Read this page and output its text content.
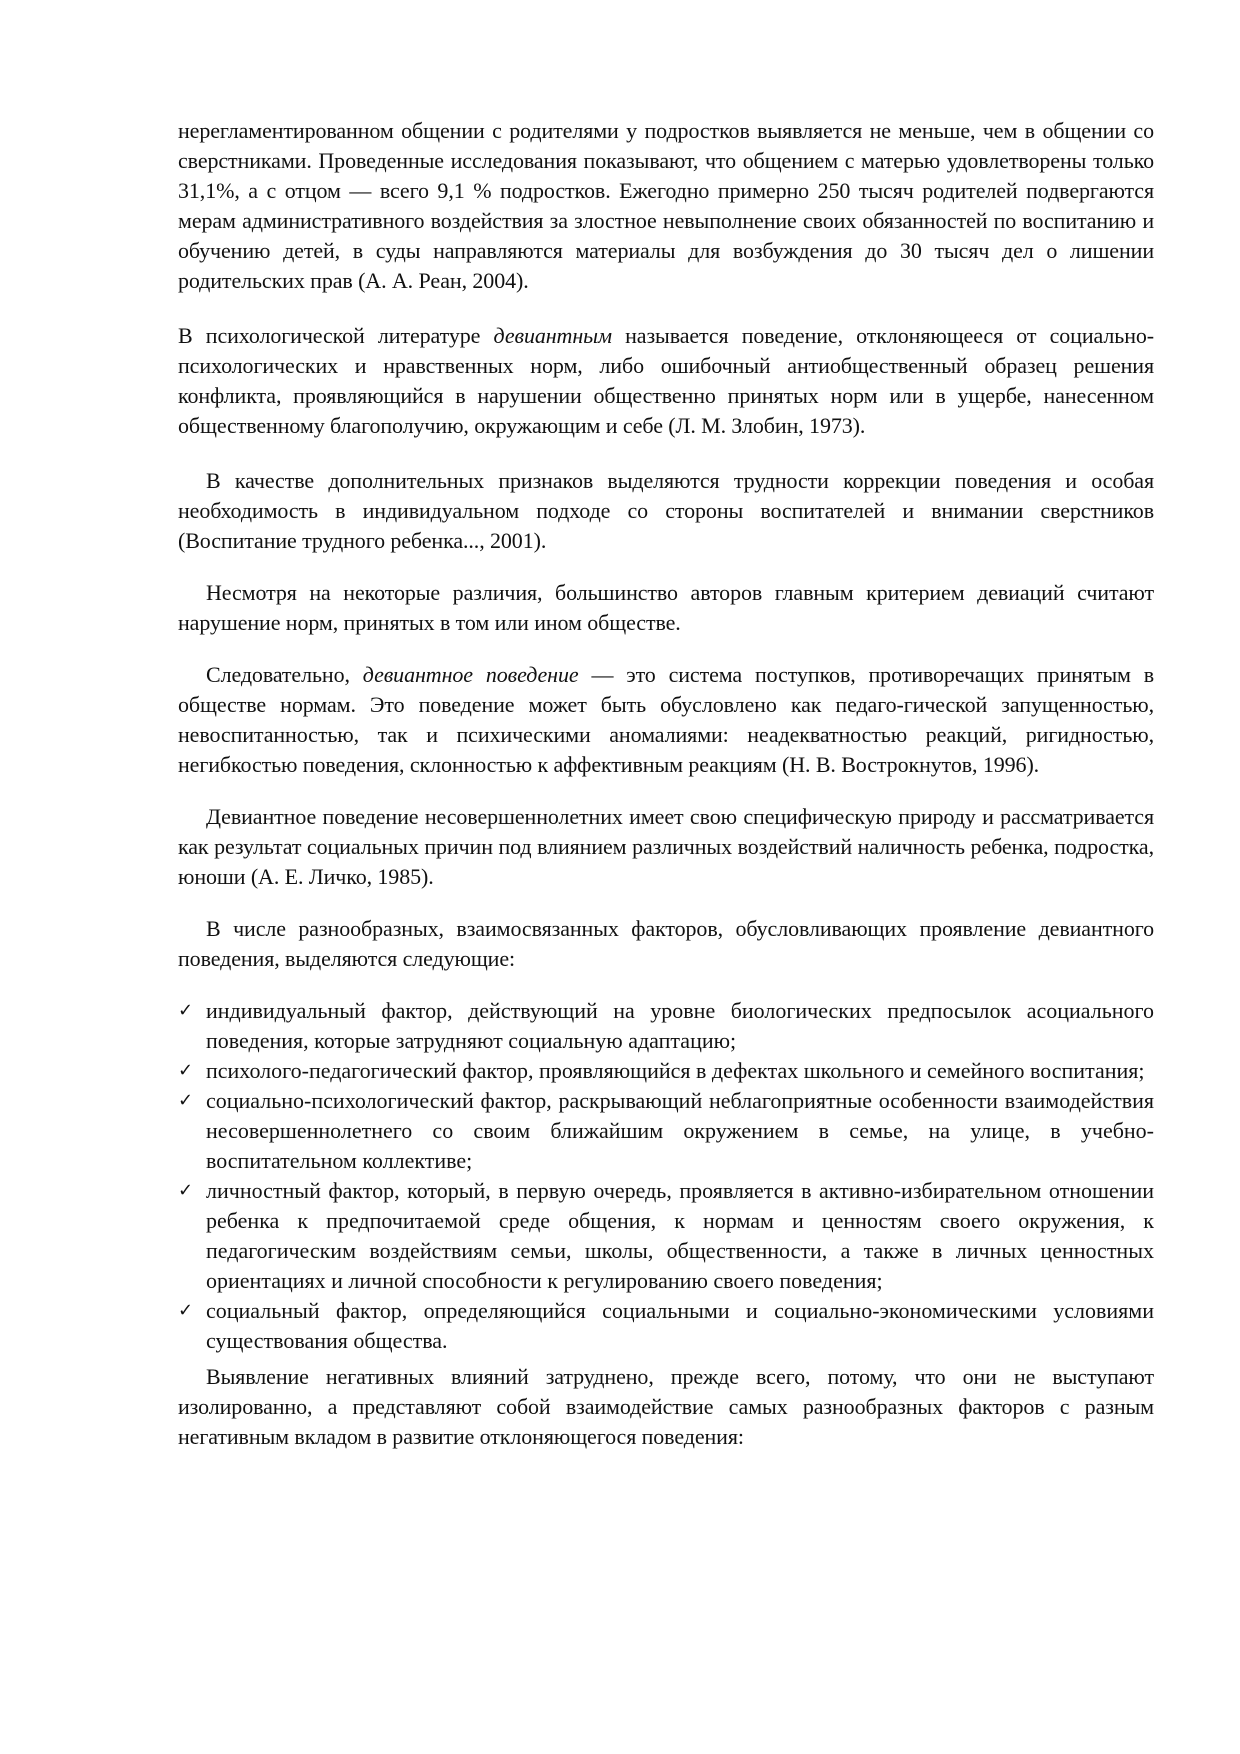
нерегламентированном общении с родителями у подростков выявляется не меньше, чем в общении со сверстниками. Проведенные исследования показывают, что общением с матерью удовлетворены только 31,1%, а с отцом — всего 9,1 % подростков. Ежегодно примерно 250 тысяч родителей подвергаются мерам административного воздействия за злостное невыполнение своих обязанностей по воспитанию и обучению детей, в суды направляются материалы для возбуждения до 30 тысяч дел о лишении родительских прав (А. А. Реан, 2004).

В психологической литературе девиантным называется поведение, отклоняющееся от социально-психологических и нравственных норм, либо ошибочный антиобщественный образец решения конфликта, проявляющийся в нарушении общественно принятых норм или в ущербе, нанесенном общественному благополучию, окружающим и себе (Л. М. Злобин, 1973).

В качестве дополнительных признаков выделяются трудности коррекции поведения и особая необходимость в индивидуальном подходе со стороны воспитателей и внимании сверстников (Воспитание трудного ребенка..., 2001).

Несмотря на некоторые различия, большинство авторов главным критерием девиаций считают нарушение норм, принятых в том или ином обществе.

Следовательно, девиантное поведение — это система поступков, противоречащих принятым в обществе нормам. Это поведение может быть обусловлено как педаго-гической запущенностью, невоспитанностью, так и психическими аномалиями: неадекватностью реакций, ригидностью, негибкостью поведения, склонностью к аффективным реакциям (Н. В. Вострокнутов, 1996).

Девиантное поведение несовершеннолетних имеет свою специфическую природу и рассматривается как результат социальных причин под влиянием различных воздействий наличность ребенка, подростка, юноши (А. Е. Личко, 1985).

В числе разнообразных, взаимосвязанных факторов, обусловливающих проявление девиантного поведения, выделяются следующие:

✓ индивидуальный фактор, действующий на уровне биологических предпосылок асоциального поведения, которые затрудняют социальную адаптацию;
✓ психолого-педагогический фактор, проявляющийся в дефектах школьного и семейного воспитания;
✓ социально-психологический фактор, раскрывающий неблагоприятные особенности взаимодействия несовершеннолетнего со своим ближайшим окружением в семье, на улице, в учебно-воспитательном коллективе;
✓ личностный фактор, который, в первую очередь, проявляется в активно-избирательном отношении ребенка к предпочитаемой среде общения, к нормам и ценностям своего окружения, к педагогическим воздействиям семьи, школы, общественности, а также в личных ценностных ориентациях и личной способности к регулированию своего поведения;
✓ социальный фактор, определяющийся социальными и социально-экономическими условиями существования общества.

Выявление негативных влияний затруднено, прежде всего, потому, что они не выступают изолированно, а представляют собой взаимодействие самых разнообразных факторов с разным негативным вкладом в развитие отклоняющегося поведения:
